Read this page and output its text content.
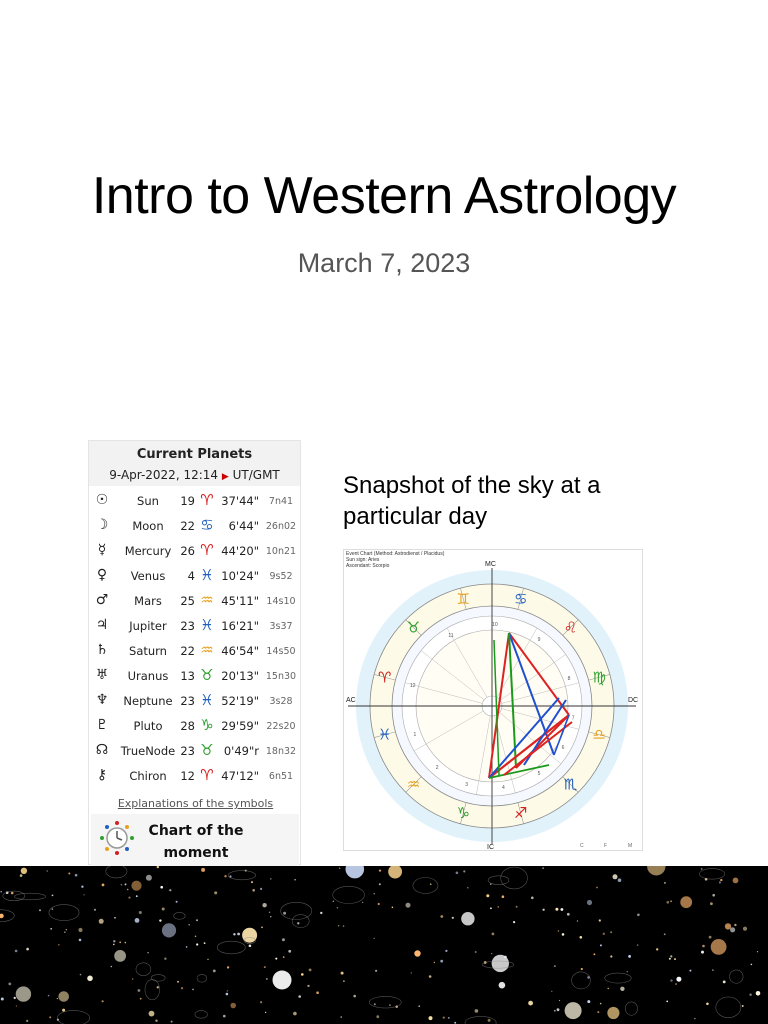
Intro to Western Astrology
March 7, 2023
Current Planets
9-Apr-2022, 12:14 ▶ UT/GMT
☉	Sun	19 ♈ 37'44"	7n41
☽	Moon	22 ♋	6'44" 26n02
☿	Mercury 26 ♈ 44'20" 10n21
♀	Venus	4 ♓ 10'24"	9s52
♂	Mars	25 ♒ 45'11" 14s10
♃	Jupiter	23 ♓ 16'21"	3s37
♄	Saturn	22 ♒ 46'54" 14s50
♅	Uranus	13 ♉ 20'13" 15n30
♆	Neptune 23 ♓ 52'19"	3s28
♇	Pluto	28 ♑ 29'59" 22s20
☊	TrueNode 23 ♉ 0'49"r 18n32
⚷	Chiron	12 ♈ 47'12"	6n51
Explanations of the symbols
Chart of the moment
Snapshot of the sky at a particular day
Event Chart (Method: Astrodienst / Placidus)
Sun sign: Aries
Ascendant: Scorpio
♈
♉
♊	♋
♌
♍
♎
♏
♐
♑
♒
♓	1
2
3
4
5
6
7
8
9
10
11
12
MC
IC
AC	DC
C	F	M
